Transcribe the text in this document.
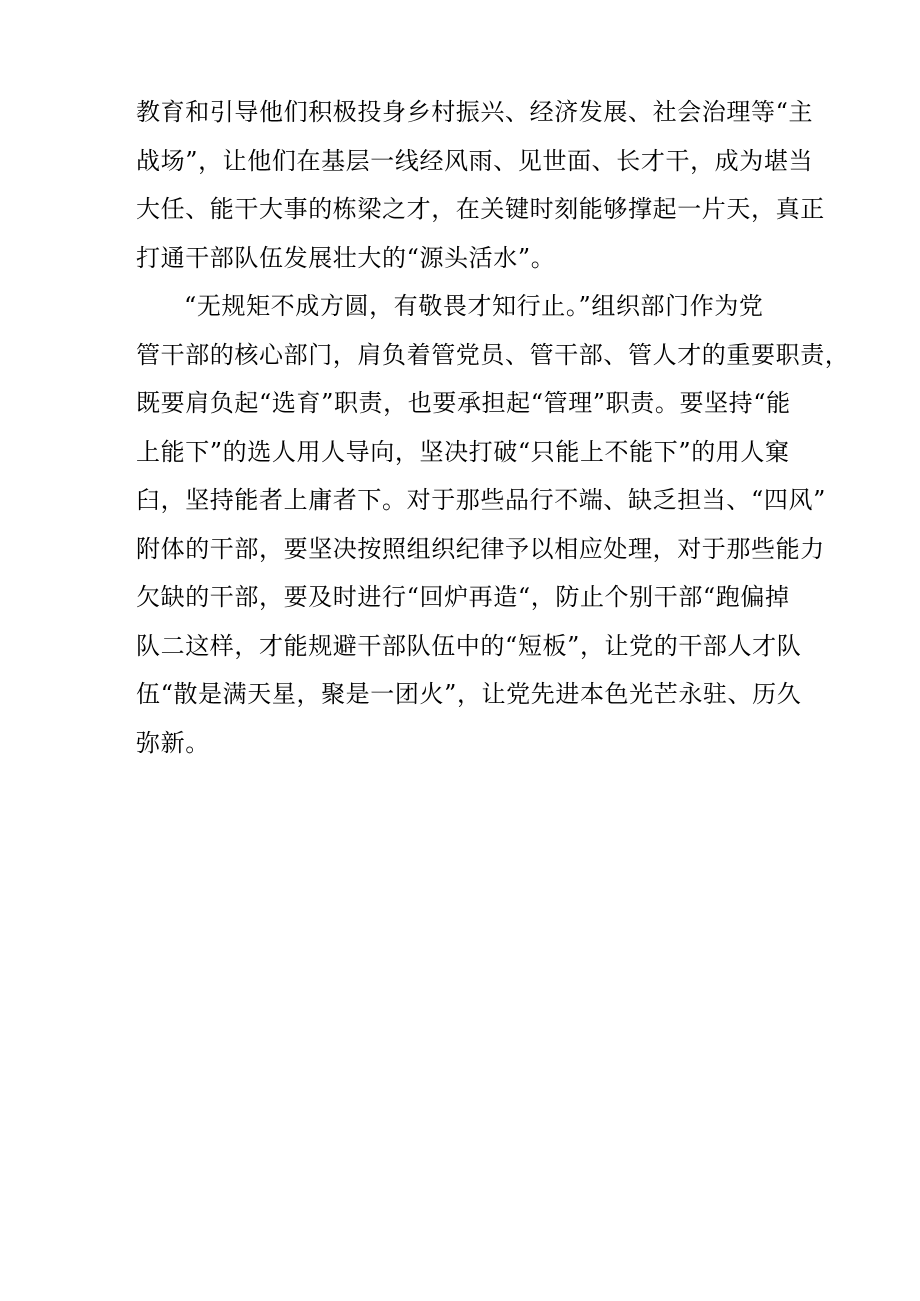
教育和引导他们积极投身乡村振兴、经济发展、社会治理等“主
战场”，让他们在基层一线经风雨、见世面、长才干，成为堪当
大任、能干大事的栋梁之才，在关键时刻能够撑起一片天，真正
打通干部队伍发展壮大的“源头活水”。
“无规矩不成方圆，有敬畏才知行止。”组织部门作为党
管干部的核心部门，肩负着管党员、管干部、管人才的重要职责，
既要肩负起“选育”职责，也要承担起“管理”职责。要坚持“能
上能下”的选人用人导向，坚决打破“只能上不能下”的用人窠
臼，坚持能者上庸者下。对于那些品行不端、缺乏担当、“四风”
附体的干部，要坚决按照组织纪律予以相应处理，对于那些能力
欠缺的干部，要及时进行“回炉再造“，防止个别干部“跑偏掉
队二这样，才能规避干部队伍中的“短板”，让党的干部人才队
伍“散是满天星，聚是一团火”，让党先进本色光芒永驻、历久
弥新。
